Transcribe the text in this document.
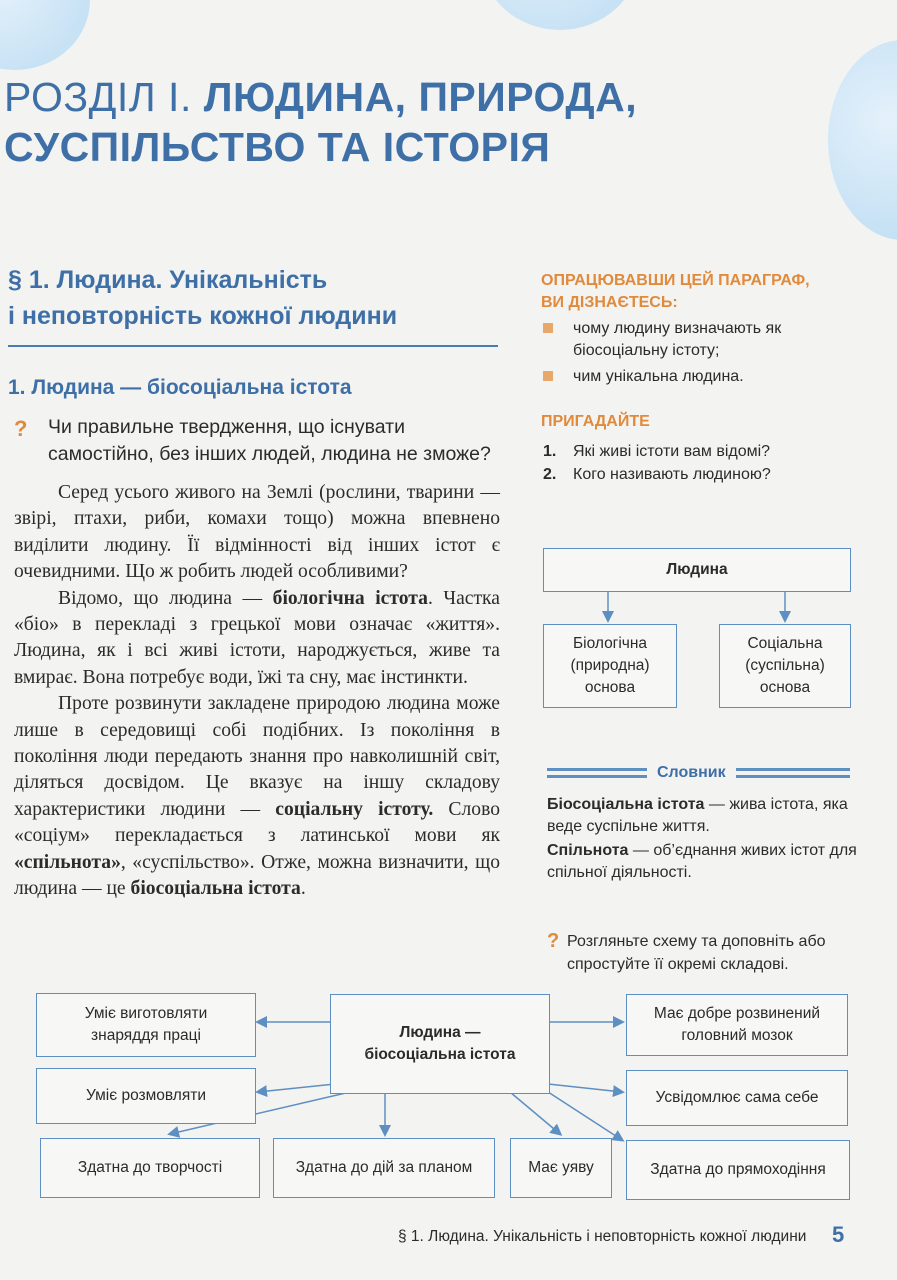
РОЗДІЛ І. ЛЮДИНА, ПРИРОДА,
СУСПІЛЬСТВО ТА ІСТОРІЯ
§ 1. Людина. Унікальність
і неповторність кожної людини
1. Людина — біосоціальна істота
? Чи правильне твердження, що існувати самостійно, без інших людей, людина не зможе?

Серед усього живого на Землі (рослини, тварини — звірі, птахи, риби, комахи тощо) можна впевнено виділити людину. Її відмінності від інших істот є очевидними. Що ж робить людей особливими?

Відомо, що людина — біологічна істота. Частка «біо» в перекладі з грецької мови означає «життя». Людина, як і всі живі істоти, народжується, живе та вмирає. Вона потребує води, їжі та сну, має інстинкти.

Проте розвинути закладене природою людина може лише в середовищі собі подібних. Із покоління в покоління люди передають знання про навколишній світ, діляться досвідом. Це вказує на іншу складову характеристики людини — соціальну істоту. Слово «соціум» перекладається з латинської мови як «спільнота», «суспільство». Отже, можна визначити, що людина — це біосоціальна істота.

ОПРАЦЮВАВШИ ЦЕЙ ПАРАГРАФ,
ВИ ДІЗНАЄТЕСЬ:
чому людину визначають як біосоціальну істоту;
чим унікальна людина.
ПРИГАДАЙТЕ
1. Які живі істоти вам відомі?
2. Кого називають людиною?
Людина
Біологічна
(природна)
основа
Соціальна
(суспільна)
основа
Словник

Біосоціальна істота — жива істота, яка веде суспільне життя.

Спільнота — об’єднання живих істот для спільної діяльності.

? Розгляньте схему та доповніть або спростуйте її окремі складові.
Людина —
біосоціальна істота
Уміє виготовляти
знаряддя праці
Уміє розмовляти
Має добре розвинений
головний мозок
Усвідомлює сама себе
Здатна до творчості	Здатна до дій за планом	Має уяву	Здатна до прямоходіння
§ 1. Людина. Унікальність і неповторність кожної людини 5
